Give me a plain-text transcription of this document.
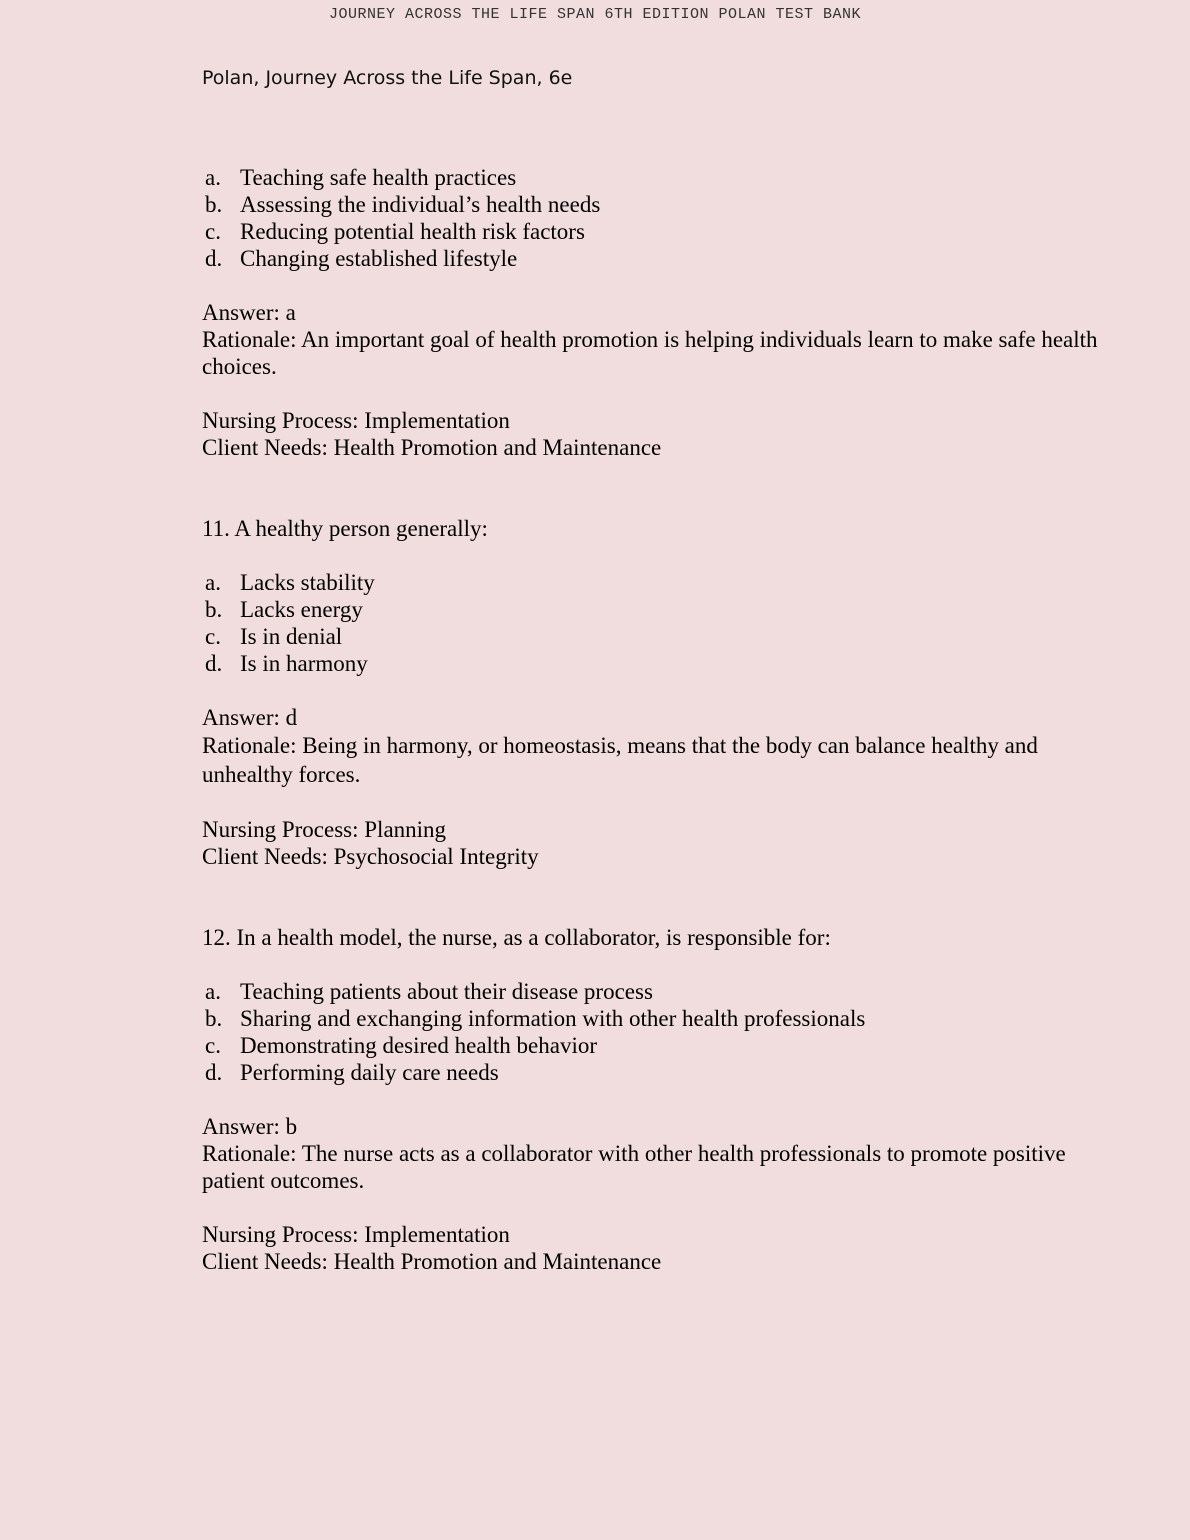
JOURNEY ACROSS THE LIFE SPAN 6TH EDITION POLAN TEST BANK
Polan, Journey Across the Life Span, 6e
a. Teaching safe health practices
b. Assessing the individual’s health needs
c. Reducing potential health risk factors
d. Changing established lifestyle
Answer: a
Rationale: An important goal of health promotion is helping individuals learn to make safe health choices.
Nursing Process: Implementation
Client Needs: Health Promotion and Maintenance
11. A healthy person generally:
a. Lacks stability
b. Lacks energy
c. Is in denial
d. Is in harmony
Answer: d
Rationale: Being in harmony, or homeostasis, means that the body can balance healthy and unhealthy forces.
Nursing Process: Planning
Client Needs: Psychosocial Integrity
12. In a health model, the nurse, as a collaborator, is responsible for:
a. Teaching patients about their disease process
b. Sharing and exchanging information with other health professionals
c. Demonstrating desired health behavior
d. Performing daily care needs
Answer: b
Rationale: The nurse acts as a collaborator with other health professionals to promote positive patient outcomes.
Nursing Process: Implementation
Client Needs: Health Promotion and Maintenance
